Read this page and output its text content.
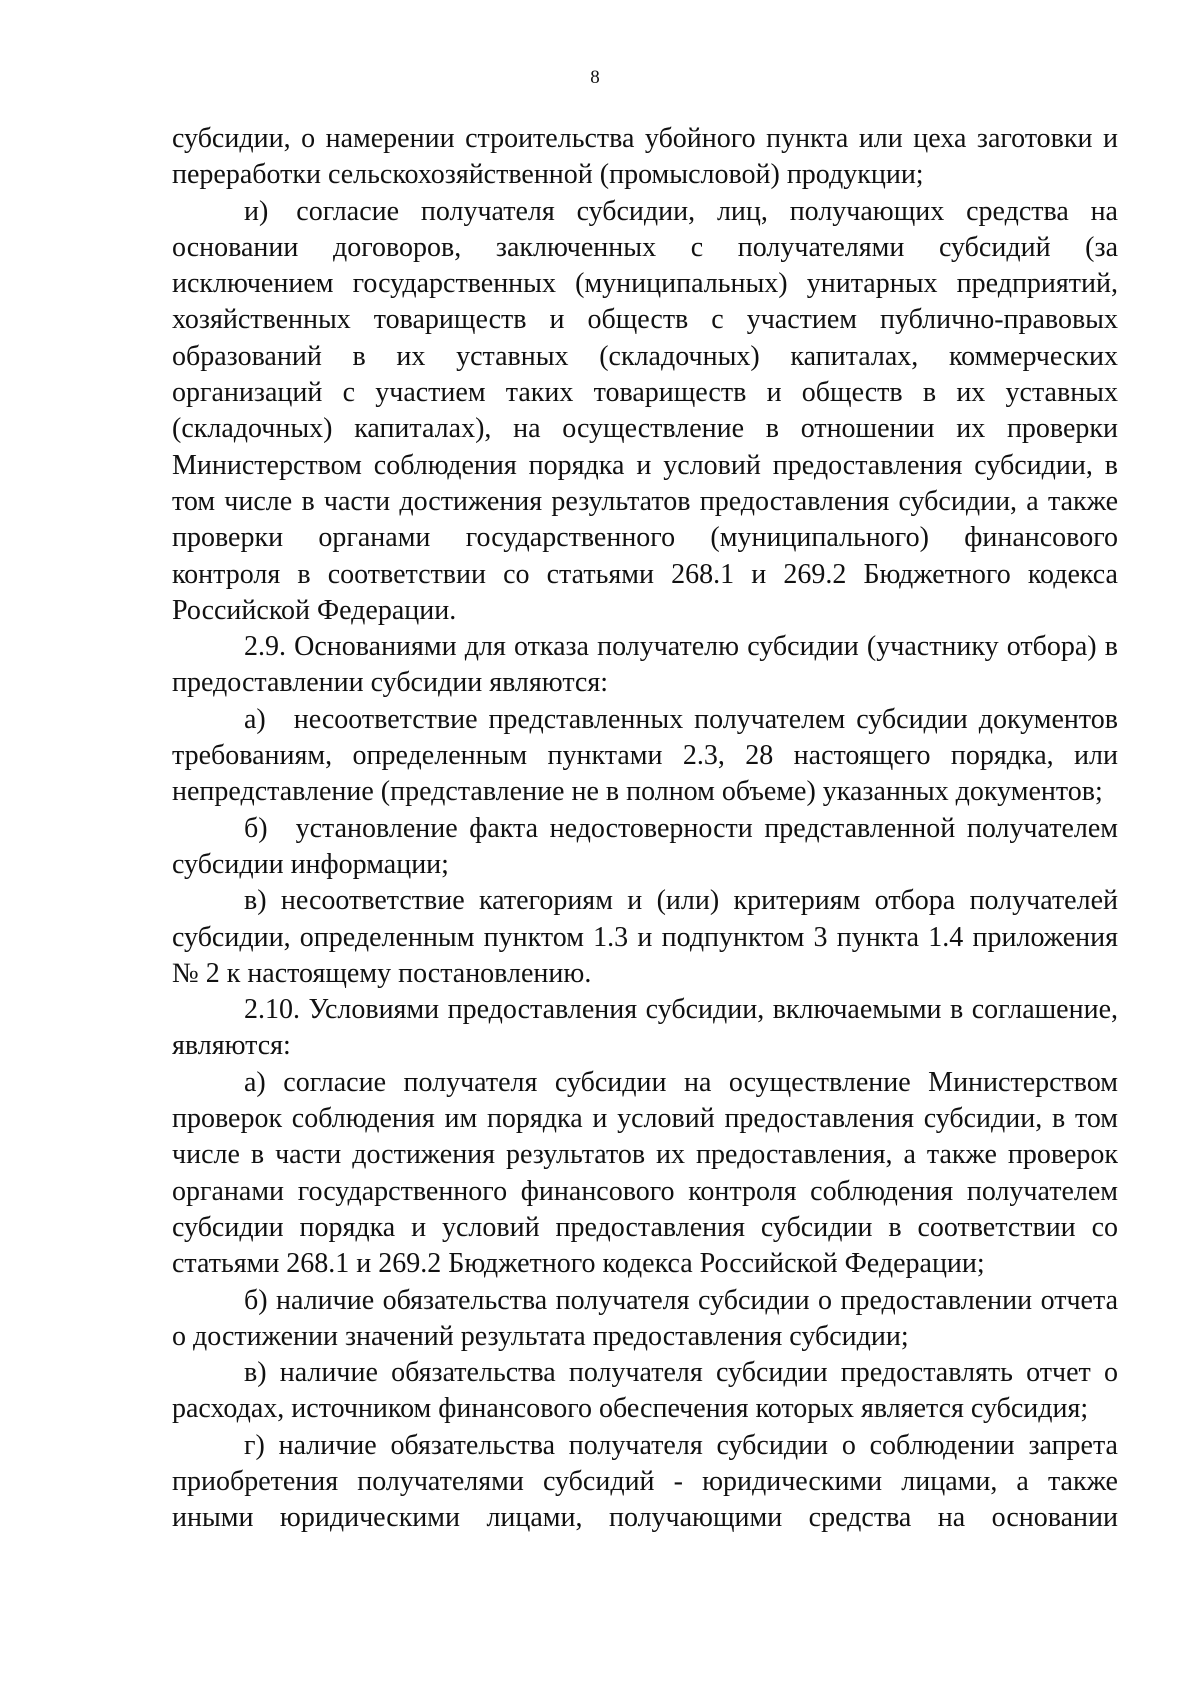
8

субсидии, о намерении строительства убойного пункта или цеха заготовки и переработки сельскохозяйственной (промысловой) продукции;

и) согласие получателя субсидии, лиц, получающих средства на основании договоров, заключенных с получателями субсидий (за исключением государственных (муниципальных) унитарных предприятий, хозяйственных товариществ и обществ с участием публично-правовых образований в их уставных (складочных) капиталах, коммерческих организаций с участием таких товариществ и обществ в их уставных (складочных) капиталах), на осуществление в отношении их проверки Министерством соблюдения порядка и условий предоставления субсидии, в том числе в части достижения результатов предоставления субсидии, а также проверки органами государственного (муниципального) финансового контроля в соответствии со статьями 268.1 и 269.2 Бюджетного кодекса Российской Федерации.

2.9. Основаниями для отказа получателю субсидии (участнику отбора) в предоставлении субсидии являются:

а) несоответствие представленных получателем субсидии документов требованиям, определенным пунктами 2.3, 28 настоящего порядка, или непредставление (представление не в полном объеме) указанных документов;

б) установление факта недостоверности представленной получателем субсидии информации;

в) несоответствие категориям и (или) критериям отбора получателей субсидии, определенным пунктом 1.3 и подпунктом 3 пункта 1.4 приложения № 2 к настоящему постановлению.

2.10. Условиями предоставления субсидии, включаемыми в соглашение, являются:

а) согласие получателя субсидии на осуществление Министерством проверок соблюдения им порядка и условий предоставления субсидии, в том числе в части достижения результатов их предоставления, а также проверок органами государственного финансового контроля соблюдения получателем субсидии порядка и условий предоставления субсидии в соответствии со статьями 268.1 и 269.2 Бюджетного кодекса Российской Федерации;

б) наличие обязательства получателя субсидии о предоставлении отчета о достижении значений результата предоставления субсидии;

в) наличие обязательства получателя субсидии предоставлять отчет о расходах, источником финансового обеспечения которых является субсидия;

г) наличие обязательства получателя субсидии о соблюдении запрета приобретения получателями субсидий - юридическими лицами, а также иными юридическими лицами, получающими средства на основании
